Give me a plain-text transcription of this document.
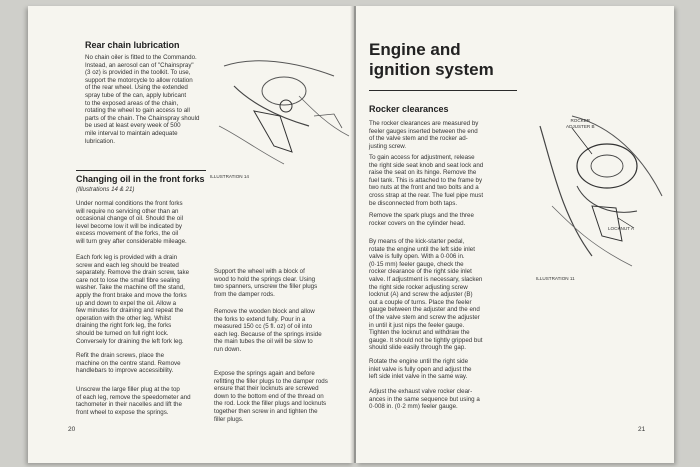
Rear chain lubrication
No chain oiler is fitted to the Commando.
Instead, an aerosol can of "Chainspray"
(3 oz) is provided in the toolkit. To use,
support the motorcycle to allow rotation
of the rear wheel. Using the extended
spray tube of the can, apply lubricant
to the exposed areas of the chain,
rotating the wheel to gain access to all
parts of the chain. The Chainspray should
be used at least every week of 500
mile interval to maintain adequate
lubrication.
ILLUSTRATION 14
Changing oil in the front forks
(Illustrations 14 & 21)
Under normal conditions the front forks
will require no servicing other than an
occasional change of oil. Should the oil
level become low it will be indicated by
excess movement of the forks, the oil
will turn grey after considerable mileage.
Each fork leg is provided with a drain
screw and each leg should be treated
separately. Remove the drain screw, take
care not to lose the small fibre sealing
washer. Take the machine off the stand,
apply the front brake and move the forks
up and down to expel the oil. Allow a
few minutes for draining and repeat the
operation with the other leg. Whilst
draining the right fork leg, the forks
should be turned on full right lock.
Conversely for draining the left fork leg.
Refit the drain screws, place the
machine on the centre stand. Remove
handlebars to improve accessibility.
Unscrew the large filler plug at the top
of each leg, remove the speedometer and
tachometer in their nacelles and lift the
front wheel to expose the springs.
Support the wheel with a block of
wood to hold the springs clear. Using
two spanners, unscrew the filler plugs
from the damper rods.
Remove the wooden block and allow
the forks to extend fully. Pour in a
measured 150 cc (5 fl. oz) of oil into
each leg. Because of the springs inside
the main tubes the oil will be slow to
run down.
Expose the springs again and before
refitting the filler plugs to the damper rods
ensure that their locknuts are screwed
down to the bottom end of the thread on
the rod. Lock the filler plugs and locknuts
together then screw in and tighten the
filler plugs.
20
Engine and
ignition system
Rocker clearances
The rocker clearances are measured by
feeler gauges inserted between the end
of the valve stem and the rocker ad-
justing screw.
To gain access for adjustment, release
the right side seat knob and seat lock and
raise the seat on its hinge. Remove the
fuel tank. This is attached to the frame by
two nuts at the front and two bolts and a
cross strap at the rear. The fuel pipe must
be disconnected from both taps.
Remove the spark plugs and the three
rocker covers on the cylinder head.
By means of the kick-starter pedal,
rotate the engine until the left side inlet
valve is fully open. With a 0·006 in.
(0·15 mm) feeler gauge, check the
rocker clearance of the right side inlet
valve. If adjustment is necessary, slacken
the right side rocker adjusting screw
locknut (A) and screw the adjuster (B)
out a couple of turns. Place the feeler
gauge between the adjuster and the end
of the valve stem and screw the adjuster
in until it just nips the feeler gauge.
Tighten the locknut and withdraw the
gauge. It should not be tightly gripped but
should slide easily through the gap.
Rotate the engine until the right side
inlet valve is fully open and adjust the
left side inlet valve in the same way.
Adjust the exhaust valve rocker clear-
ances in the same sequence but using a
0·008 in. (0·2 mm) feeler gauge.
ROCKER
ADJUSTER B
LOCKNUT A
ILLUSTRATION 11
21
